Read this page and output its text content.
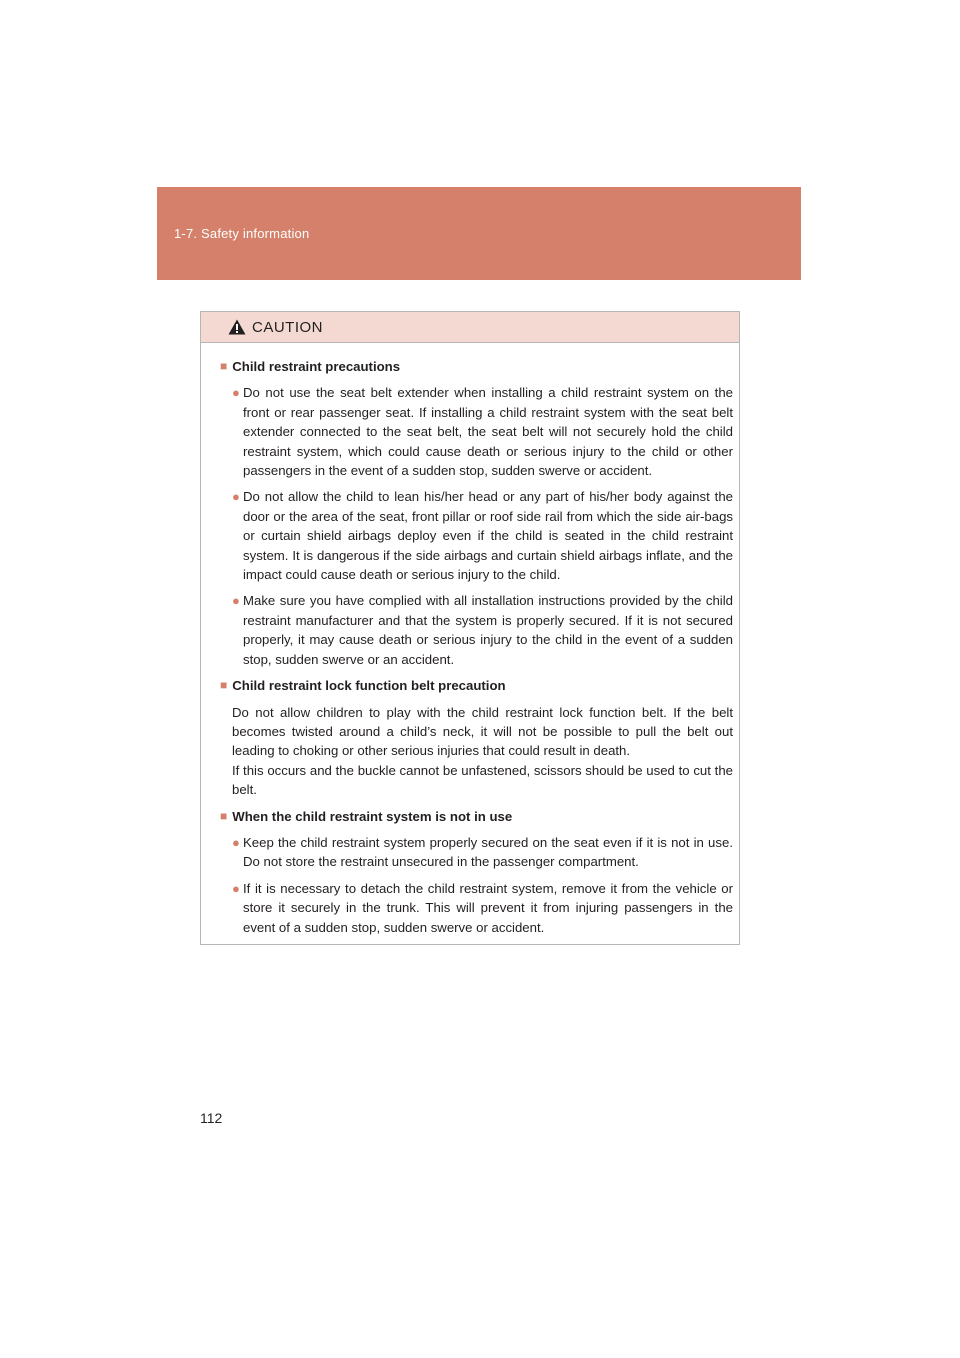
1-7. Safety information
CAUTION
■ Child restraint precautions
● Do not use the seat belt extender when installing a child restraint system on the front or rear passenger seat. If installing a child restraint system with the seat belt extender connected to the seat belt, the seat belt will not securely hold the child restraint system, which could cause death or serious injury to the child or other passengers in the event of a sudden stop, sudden swerve or accident.
● Do not allow the child to lean his/her head or any part of his/her body against the door or the area of the seat, front pillar or roof side rail from which the side air-bags or curtain shield airbags deploy even if the child is seated in the child restraint system. It is dangerous if the side airbags and curtain shield airbags inflate, and the impact could cause death or serious injury to the child.
● Make sure you have complied with all installation instructions provided by the child restraint manufacturer and that the system is properly secured. If it is not secured properly, it may cause death or serious injury to the child in the event of a sudden stop, sudden swerve or an accident.
■ Child restraint lock function belt precaution
Do not allow children to play with the child restraint lock function belt. If the belt becomes twisted around a child’s neck, it will not be possible to pull the belt out leading to choking or other serious injuries that could result in death.
If this occurs and the buckle cannot be unfastened, scissors should be used to cut the belt.
■ When the child restraint system is not in use
● Keep the child restraint system properly secured on the seat even if it is not in use. Do not store the restraint unsecured in the passenger compartment.
● If it is necessary to detach the child restraint system, remove it from the vehicle or store it securely in the trunk. This will prevent it from injuring passengers in the event of a sudden stop, sudden swerve or accident.
112
